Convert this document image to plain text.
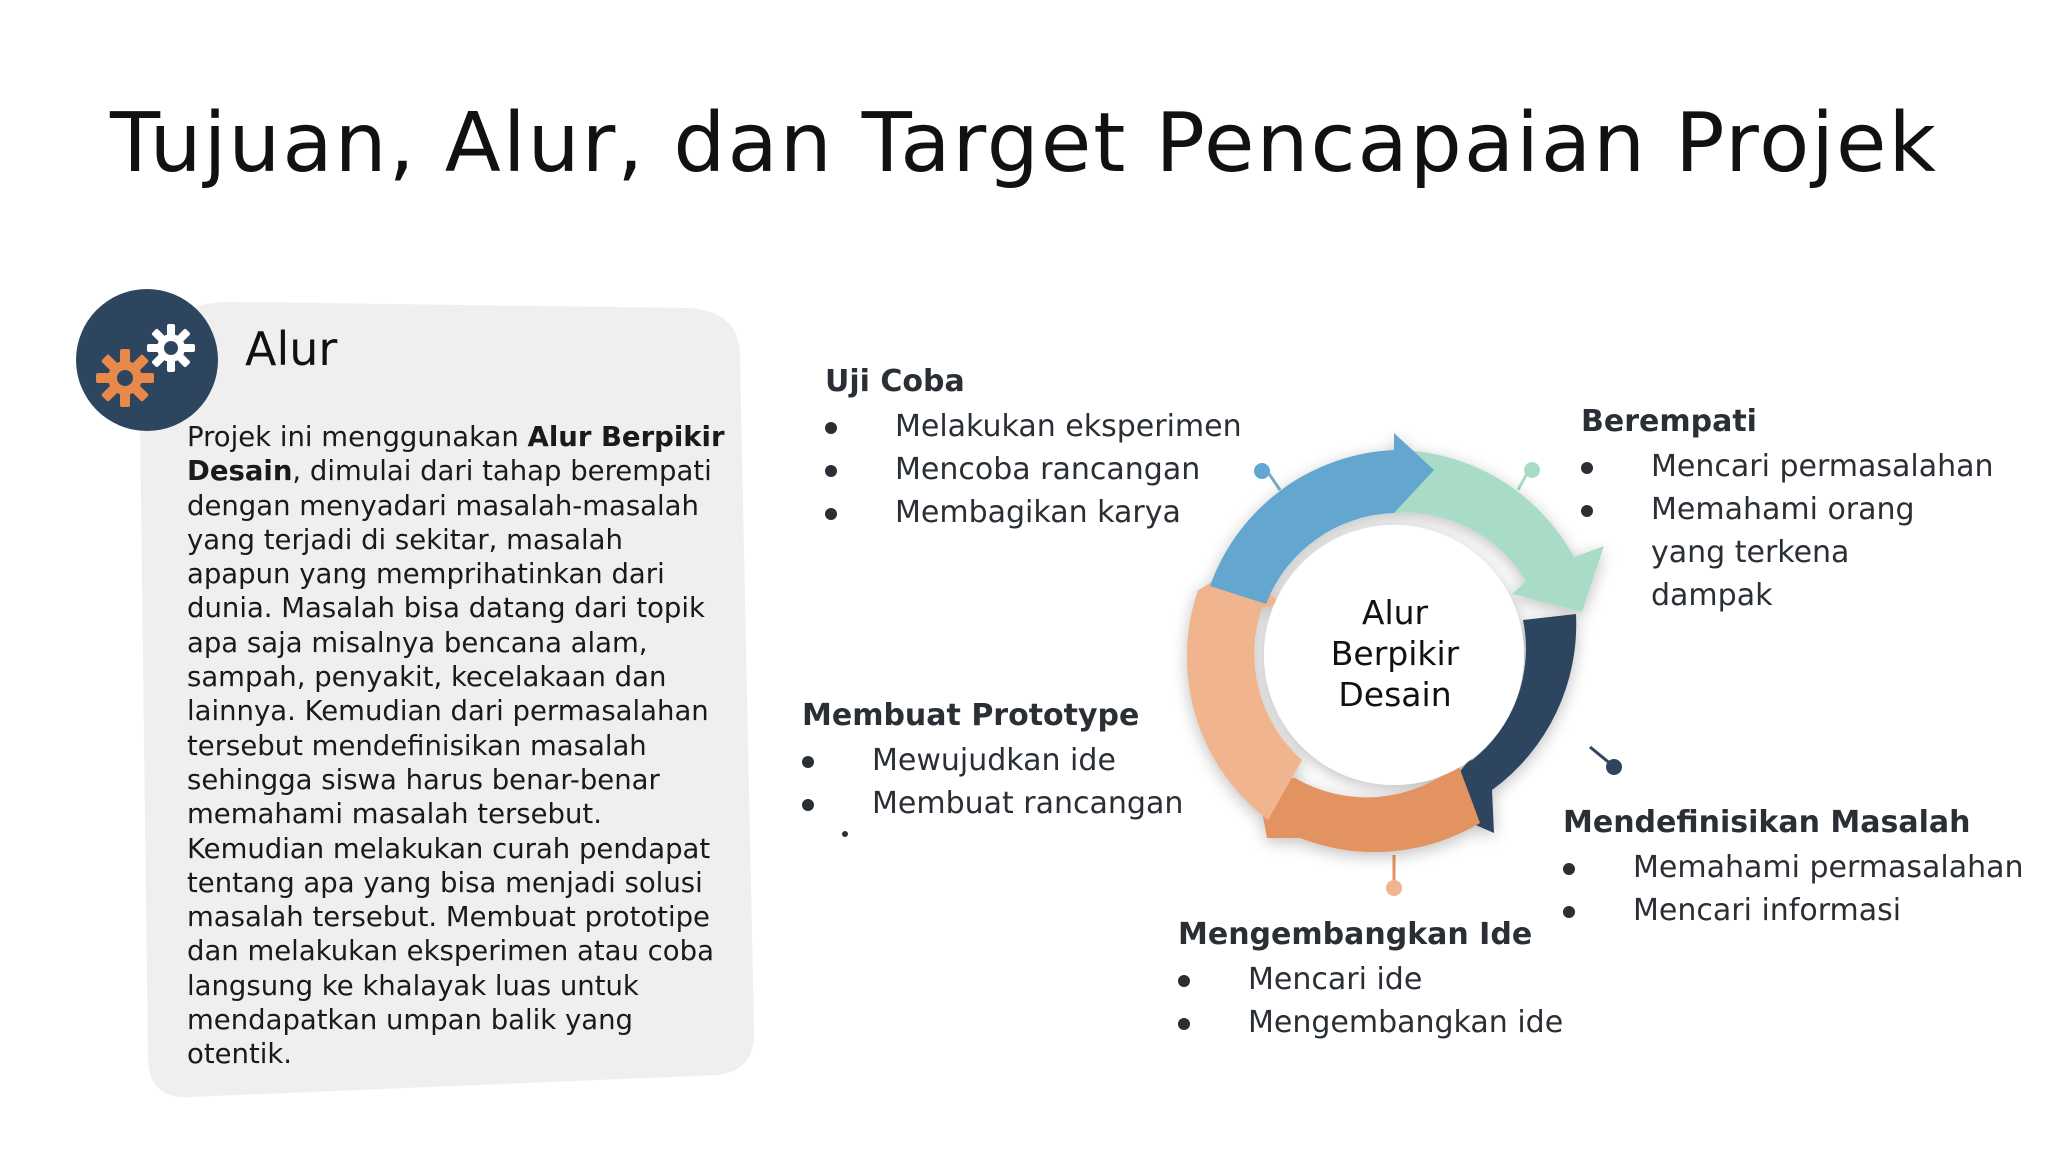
Tujuan, Alur, dan Target Pencapaian Projek
Alur
Projek ini menggunakan Alur Berpikir Desain, dimulai dari tahap berempati dengan menyadari masalah-masalah yang terjadi di sekitar, masalah apapun yang memprihatinkan dari dunia. Masalah bisa datang dari topik apa saja misalnya bencana alam, sampah, penyakit, kecelakaan dan lainnya. Kemudian dari permasalahan tersebut mendefinisikan masalah sehingga siswa harus benar-benar memahami masalah tersebut. Kemudian melakukan curah pendapat tentang apa yang bisa menjadi solusi masalah tersebut. Membuat prototipe dan melakukan eksperimen atau coba langsung ke khalayak luas untuk mendapatkan umpan balik yang otentik.
Alur
Berpikir
Desain
Uji Coba
Melakukan eksperimen
Mencoba rancangan
Membagikan karya
Berempati
Mencari permasalahan
Memahami orang yang terkena dampak
Membuat Prototype
Mewujudkan ide
Membuat rancangan
Mendefinisikan Masalah
Memahami permasalahan
Mencari informasi
Mengembangkan Ide
Mencari ide
Mengembangkan ide
